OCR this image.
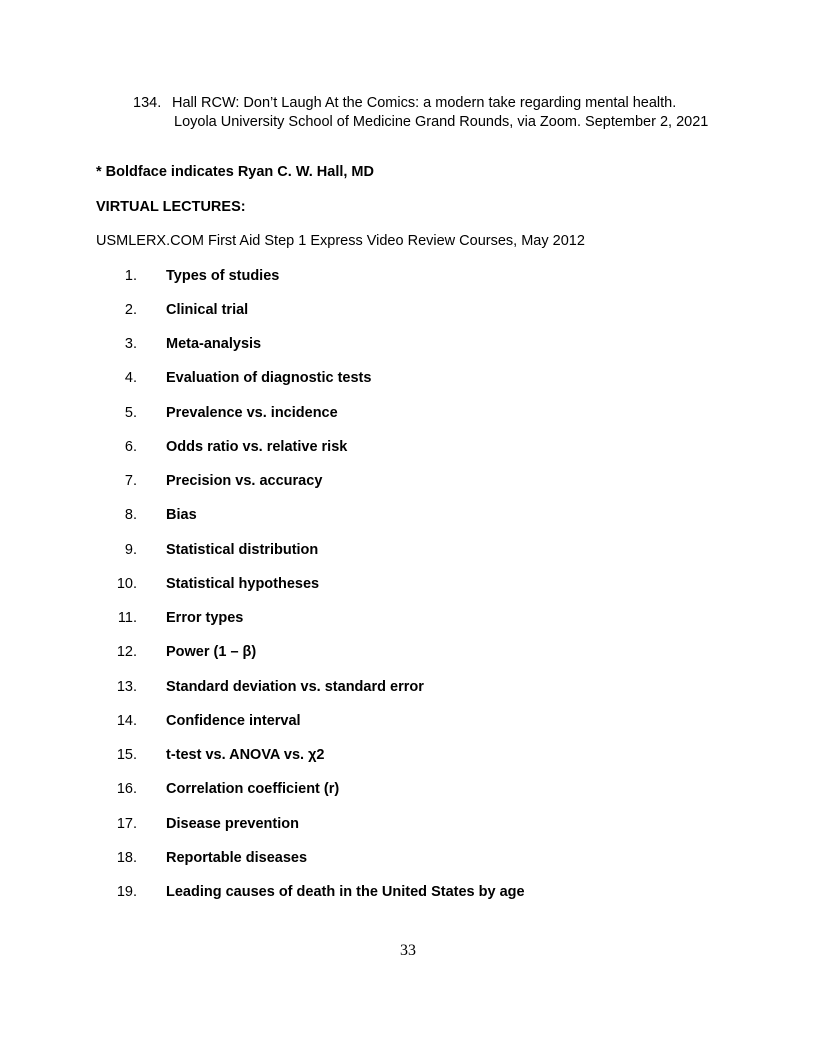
134. Hall RCW: Don’t Laugh At the Comics: a modern take regarding mental health.
Loyola University School of Medicine Grand Rounds, via Zoom. September 2, 2021
* Boldface indicates Ryan C. W. Hall, MD
VIRTUAL LECTURES:
USMLERX.COM First Aid Step 1 Express Video Review Courses, May 2012
1. Types of studies
2. Clinical trial
3. Meta-analysis
4. Evaluation of diagnostic tests
5. Prevalence vs. incidence
6. Odds ratio vs. relative risk
7. Precision vs. accuracy
8. Bias
9. Statistical distribution
10. Statistical hypotheses
11. Error types
12. Power (1 – β)
13. Standard deviation vs. standard error
14. Confidence interval
15. t-test vs. ANOVA vs. χ2
16. Correlation coefficient (r)
17. Disease prevention
18. Reportable diseases
19. Leading causes of death in the United States by age
33
